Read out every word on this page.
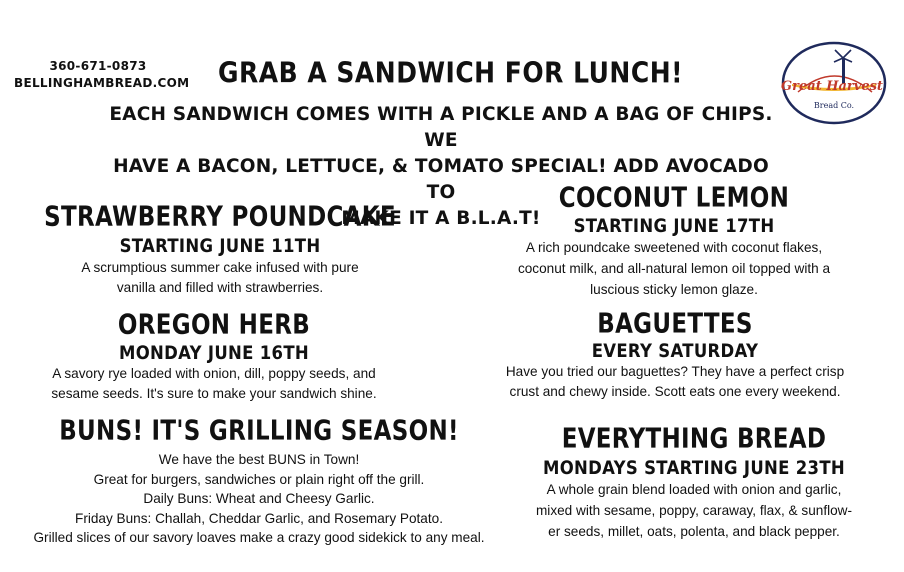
360-671-0873
BELLINGHAMBREAD.COM	Great Harvest
Bread Co.
GRAB A SANDWICH FOR LUNCH!
EACH SANDWICH COMES WITH A PICKLE AND A BAG OF CHIPS. WE
HAVE A BACON, LETTUCE, & TOMATO SPECIAL! ADD AVOCADO TO
MAKE IT A B.L.A.T!
STRAWBERRY POUNDCAKE
STARTING JUNE 11TH
A scrumptious summer cake infused with pure
vanilla and filled with strawberries.
OREGON HERB
MONDAY JUNE 16TH
A savory rye loaded with onion, dill, poppy seeds, and
sesame seeds. It's sure to make your sandwich shine.
BUNS! IT'S GRILLING SEASON!
We have the best BUNS in Town!
Great for burgers, sandwiches or plain right off the grill.
Daily Buns: Wheat and Cheesy Garlic.
Friday Buns: Challah, Cheddar Garlic, and Rosemary Potato.
Grilled slices of our savory loaves make a crazy good sidekick to any meal.
COCONUT LEMON
STARTING JUNE 17TH
A rich poundcake sweetened with coconut flakes,
coconut milk, and all-natural lemon oil topped with a
luscious sticky lemon glaze.
BAGUETTES
EVERY SATURDAY
Have you tried our baguettes? They have a perfect crisp
crust and chewy inside. Scott eats one every weekend.
EVERYTHING BREAD
MONDAYS STARTING JUNE 23TH
A whole grain blend loaded with onion and garlic,
mixed with sesame, poppy, caraway, flax, & sunflow-
er seeds, millet, oats, polenta, and black pepper.
